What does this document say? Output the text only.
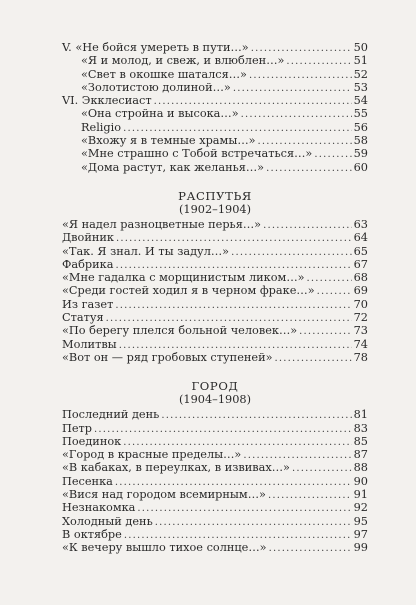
V. «Не бойся умереть в пути…» .....	50
«Я и молод, и свеж, и влюблен…» .....	51
«Свет в окошке шатался…» .....	52
«Золотистою долиной…» .....	53
VI. Экклесиаст .....	54
«Она стройна и высока…» .....	55
Religio .....	56
«Вхожу я в темные храмы…» .....	58
«Мне страшно с Тобой встречаться…» .....	59
«Дома растут, как желанья…» .....	60
РАСПУТЬЯ
(1902–1904)
«Я надел разноцветные перья…» .....	63
Двойник .....	64
«Так. Я знал. И ты задул…» .....	65
Фабрика .....	67
«Мне гадалка с морщинистым ликом…» .....	68
«Среди гостей ходил я в черном фраке…» .....	69
Из газет .....	70
Статуя .....	72
«По берегу плелся больной человек…» .....	73
Молитвы .....	74
«Вот он — ряд гробовых ступеней» .....	78
ГОРОД
(1904–1908)
Последний день .....	81
Петр .....	83
Поединок .....	85
«Город в красные пределы…» .....	87
«В кабаках, в переулках, в извивах…» .....	88
Песенка .....	90
«Вися над городом всемирным…» .....	91
Незнакомка .....	92
Холодный день .....	95
В октябре .....	97
«К вечеру вышло тихое солнце…» .....	99
